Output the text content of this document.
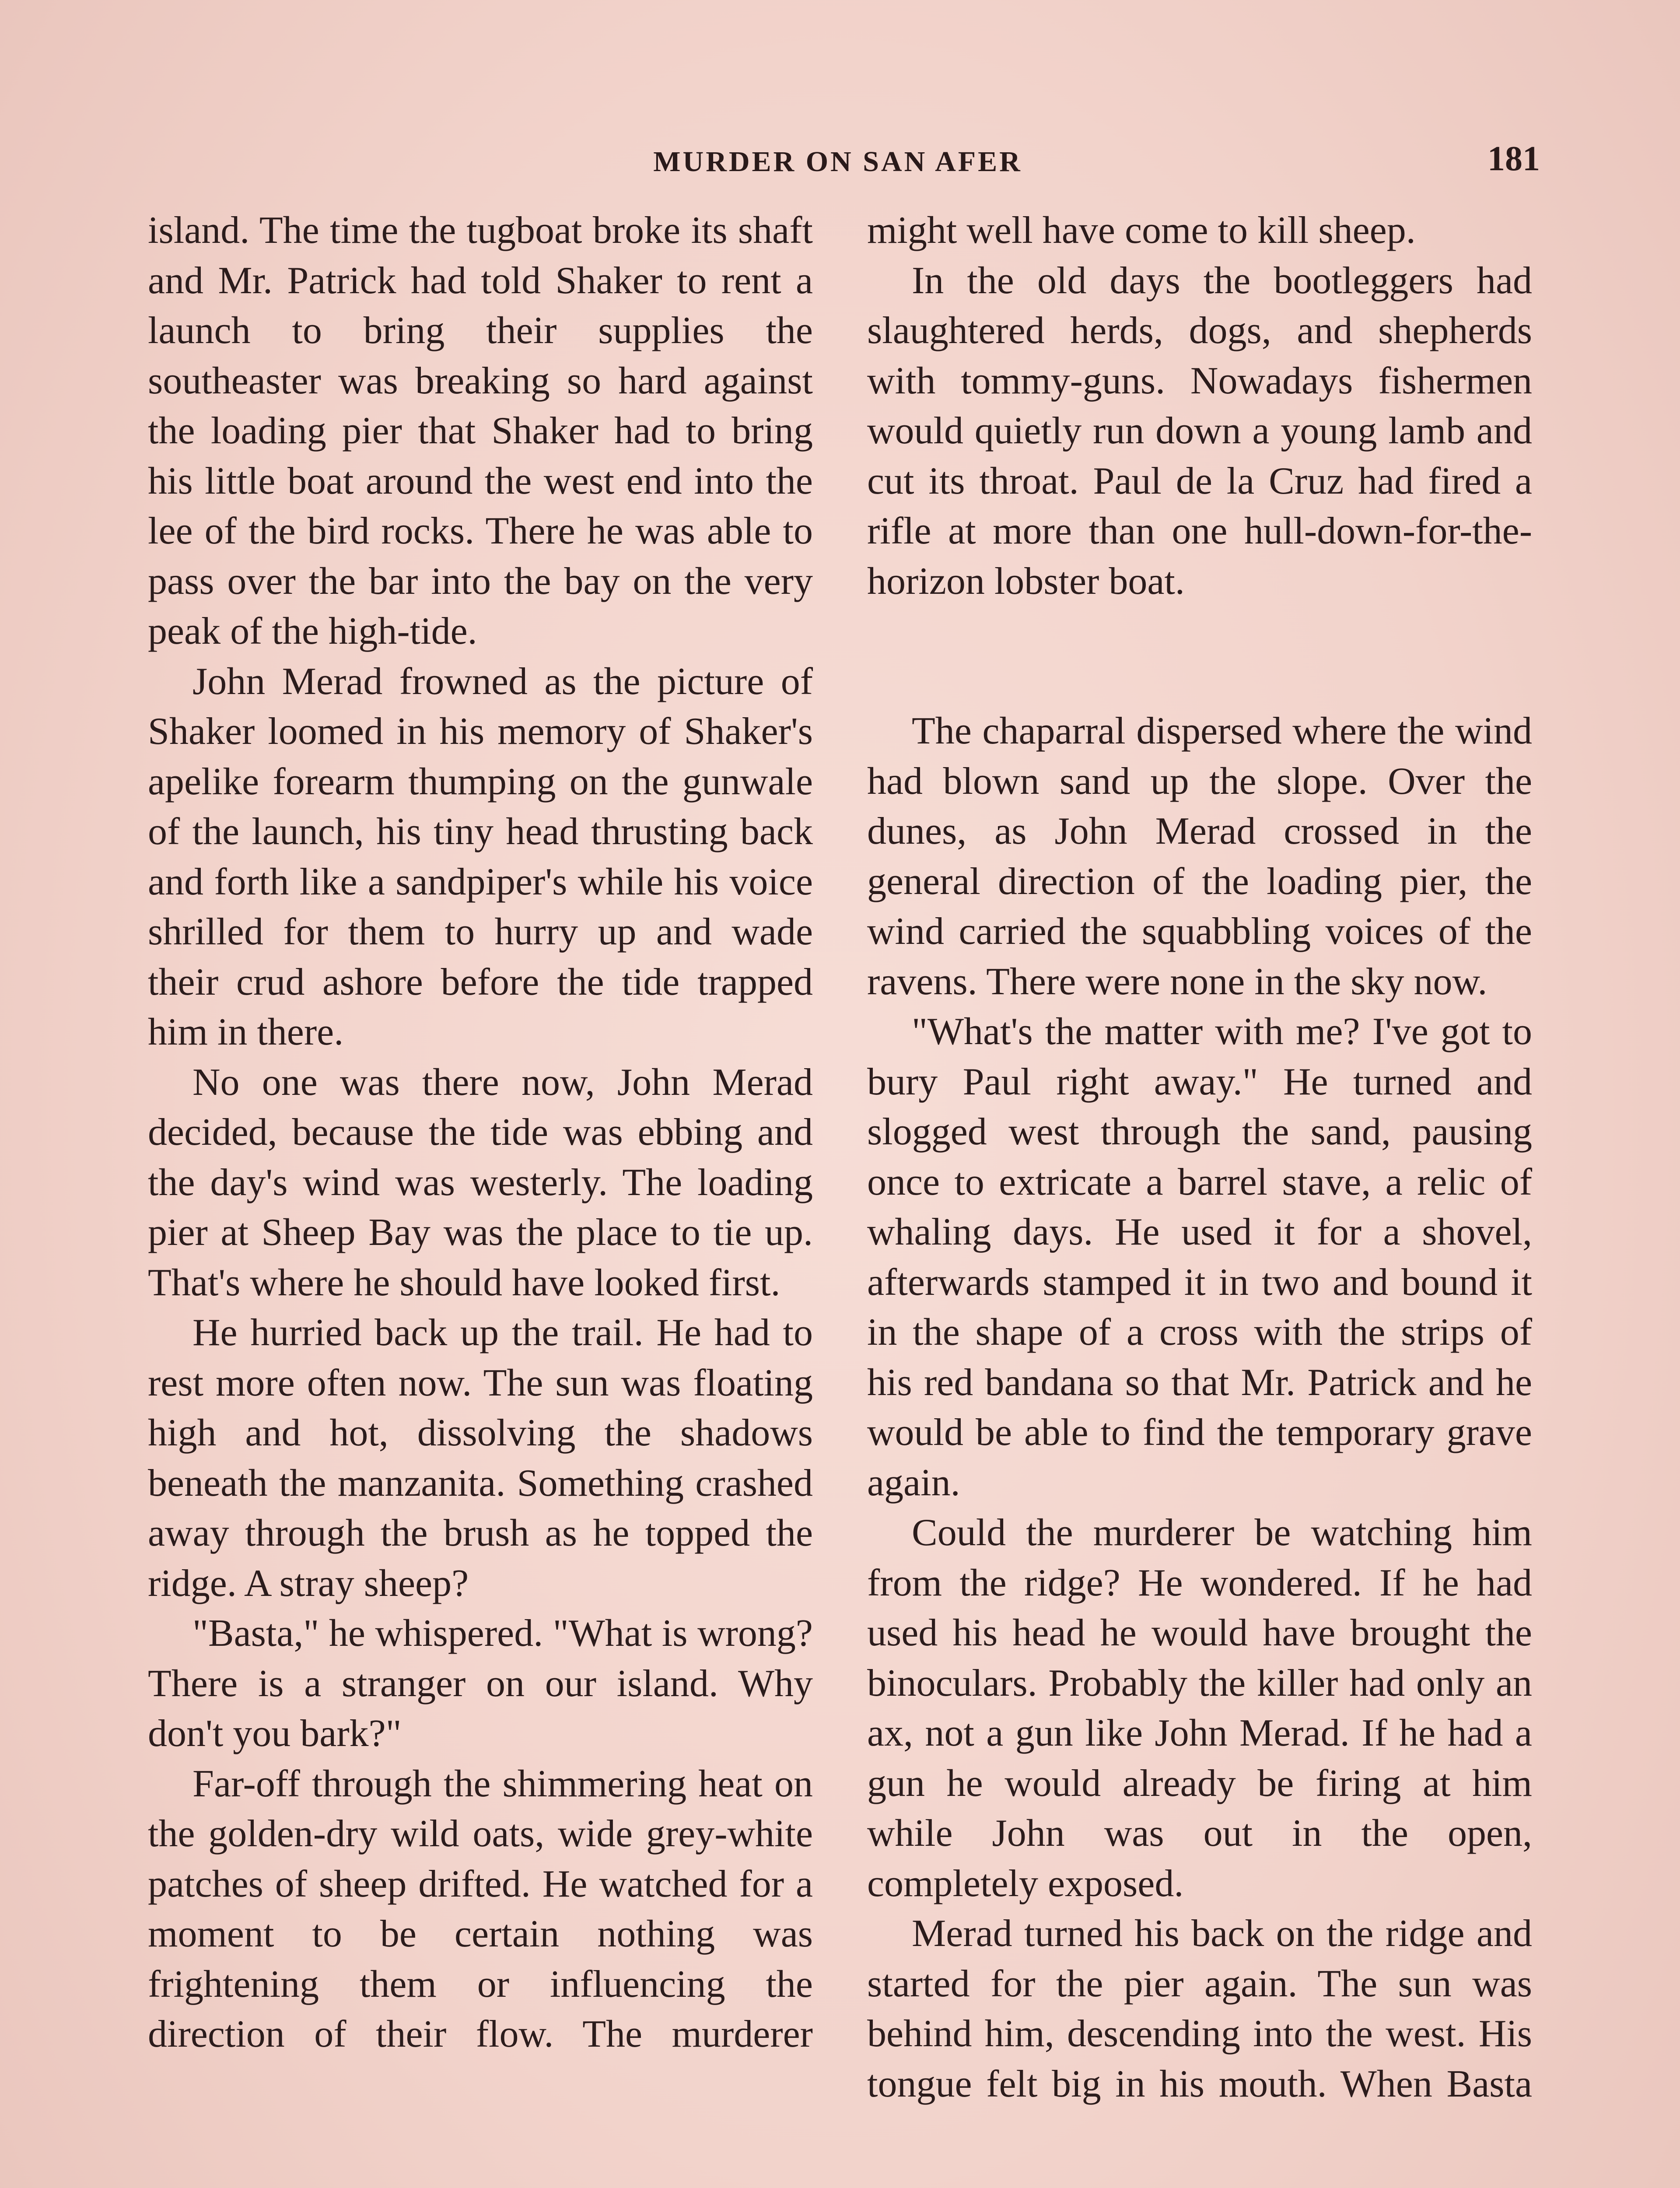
MURDER ON SAN AFER	181

island. The time the tugboat broke its shaft and Mr. Patrick had told Shaker to rent a launch to bring their supplies the southeaster was breaking so hard against the loading pier that Shaker had to bring his little boat around the west end into the lee of the bird rocks. There he was able to pass over the bar into the bay on the very peak of the high-tide.

John Merad frowned as the picture of Shaker loomed in his memory of Shaker's apelike forearm thumping on the gunwale of the launch, his tiny head thrusting back and forth like a sandpiper's while his voice shrilled for them to hurry up and wade their crud ashore before the tide trapped him in there.

No one was there now, John Merad decided, because the tide was ebbing and the day's wind was westerly. The loading pier at Sheep Bay was the place to tie up. That's where he should have looked first.

He hurried back up the trail. He had to rest more often now. The sun was floating high and hot, dissolving the shadows beneath the manzanita. Something crashed away through the brush as he topped the ridge. A stray sheep?

"Basta," he whispered. "What is wrong? There is a stranger on our island. Why don't you bark?"

Far-off through the shimmering heat on the golden-dry wild oats, wide grey-white patches of sheep drifted. He watched for a moment to be certain nothing was frightening them or influencing the direction of their flow. The murderer

might well have come to kill sheep.

In the old days the bootleggers had slaughtered herds, dogs, and shepherds with tommy-guns. Nowadays fishermen would quietly run down a young lamb and cut its throat. Paul de la Cruz had fired a rifle at more than one hull-down-for-the-horizon lobster boat.

The chaparral dispersed where the wind had blown sand up the slope. Over the dunes, as John Merad crossed in the general direction of the loading pier, the wind carried the squabbling voices of the ravens. There were none in the sky now.

"What's the matter with me? I've got to bury Paul right away." He turned and slogged west through the sand, pausing once to extricate a barrel stave, a relic of whaling days. He used it for a shovel, afterwards stamped it in two and bound it in the shape of a cross with the strips of his red bandana so that Mr. Patrick and he would be able to find the temporary grave again.

Could the murderer be watching him from the ridge? He wondered. If he had used his head he would have brought the binoculars. Probably the killer had only an ax, not a gun like John Merad. If he had a gun he would already be firing at him while John was out in the open, completely exposed.

Merad turned his back on the ridge and started for the pier again. The sun was behind him, descending into the west. His tongue felt big in his mouth. When Basta
